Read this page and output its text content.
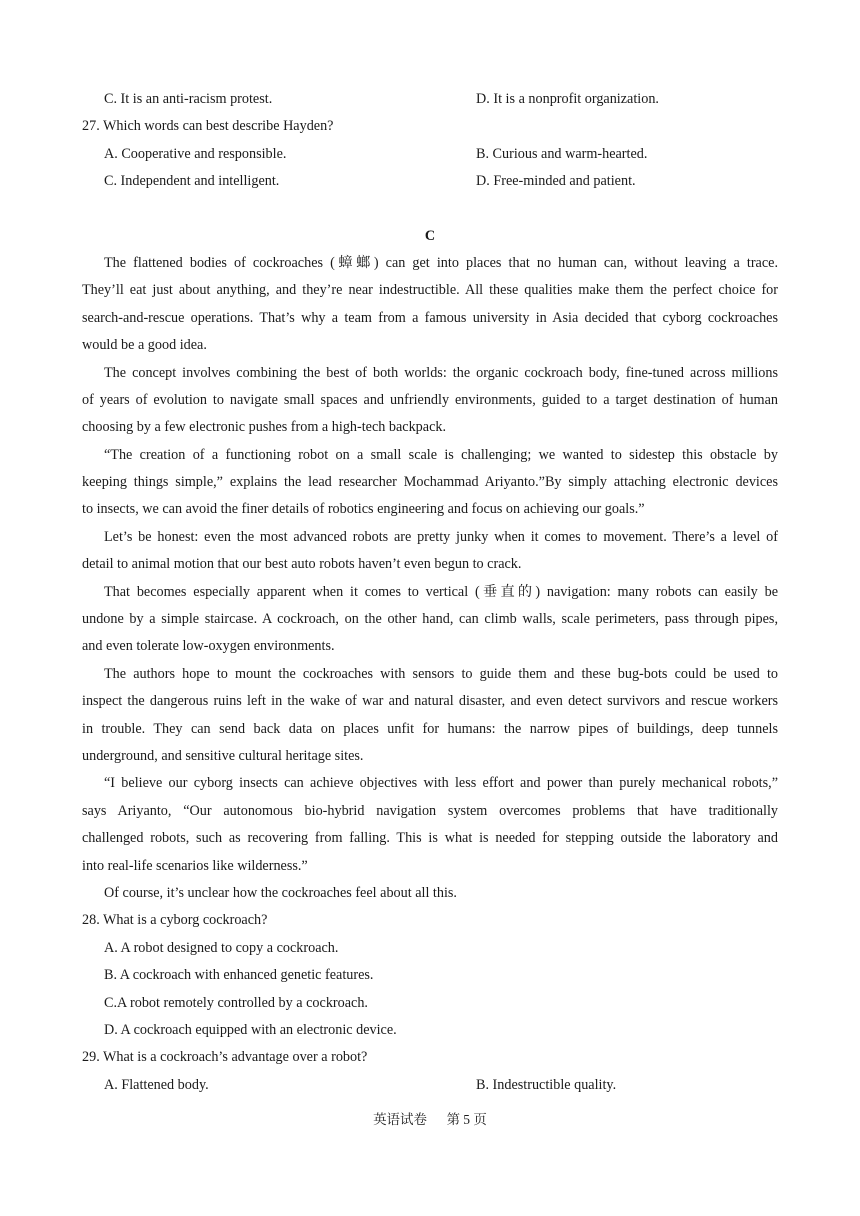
C. It is an anti-racism protest.	D. It is a nonprofit organization.
27. Which words can best describe Hayden?
A. Cooperative and responsible.	B. Curious and warm-hearted.
C. Independent and intelligent.	D. Free-minded and patient.
C
The flattened bodies of cockroaches (蟑螂) can get into places that no human can, without leaving a trace.
They’ll eat just about anything, and they’re near indestructible. All these qualities make them the perfect choice for
search-and-rescue operations. That’s why a team from a famous university in Asia decided that cyborg cockroaches
would be a good idea.
The concept involves combining the best of both worlds: the organic cockroach body, fine-tuned across millions
of years of evolution to navigate small spaces and unfriendly environments, guided to a target destination of human
choosing by a few electronic pushes from a high-tech backpack.
“The creation of a functioning robot on a small scale is challenging; we wanted to sidestep this obstacle by
keeping things simple,” explains the lead researcher Mochammad Ariyanto.”By simply attaching electronic devices
to insects, we can avoid the finer details of robotics engineering and focus on achieving our goals.”
Let’s be honest: even the most advanced robots are pretty junky when it comes to movement. There’s a level of
detail to animal motion that our best auto robots haven’t even begun to crack.
That becomes especially apparent when it comes to vertical (垂直的) navigation: many robots can easily be
undone by a simple staircase. A cockroach, on the other hand, can climb walls, scale perimeters, pass through pipes,
and even tolerate low-oxygen environments.
The authors hope to mount the cockroaches with sensors to guide them and these bug-bots could be used to
inspect the dangerous ruins left in the wake of war and natural disaster, and even detect survivors and rescue workers
in trouble. They can send back data on places unfit for humans: the narrow pipes of buildings, deep tunnels
underground, and sensitive cultural heritage sites.
“I believe our cyborg insects can achieve objectives with less effort and power than purely mechanical robots,”
says Ariyanto, “Our autonomous bio-hybrid navigation system overcomes problems that have traditionally
challenged robots, such as recovering from falling. This is what is needed for stepping outside the laboratory and
into real-life scenarios like wilderness.”
Of course, it’s unclear how the cockroaches feel about all this.
28. What is a cyborg cockroach?
A. A robot designed to copy a cockroach.
B. A cockroach with enhanced genetic features.
C.A robot remotely controlled by a cockroach.
D. A cockroach equipped with an electronic device.
29. What is a cockroach’s advantage over a robot?
A. Flattened body.	B. Indestructible quality.
英语试卷 第 5 页
